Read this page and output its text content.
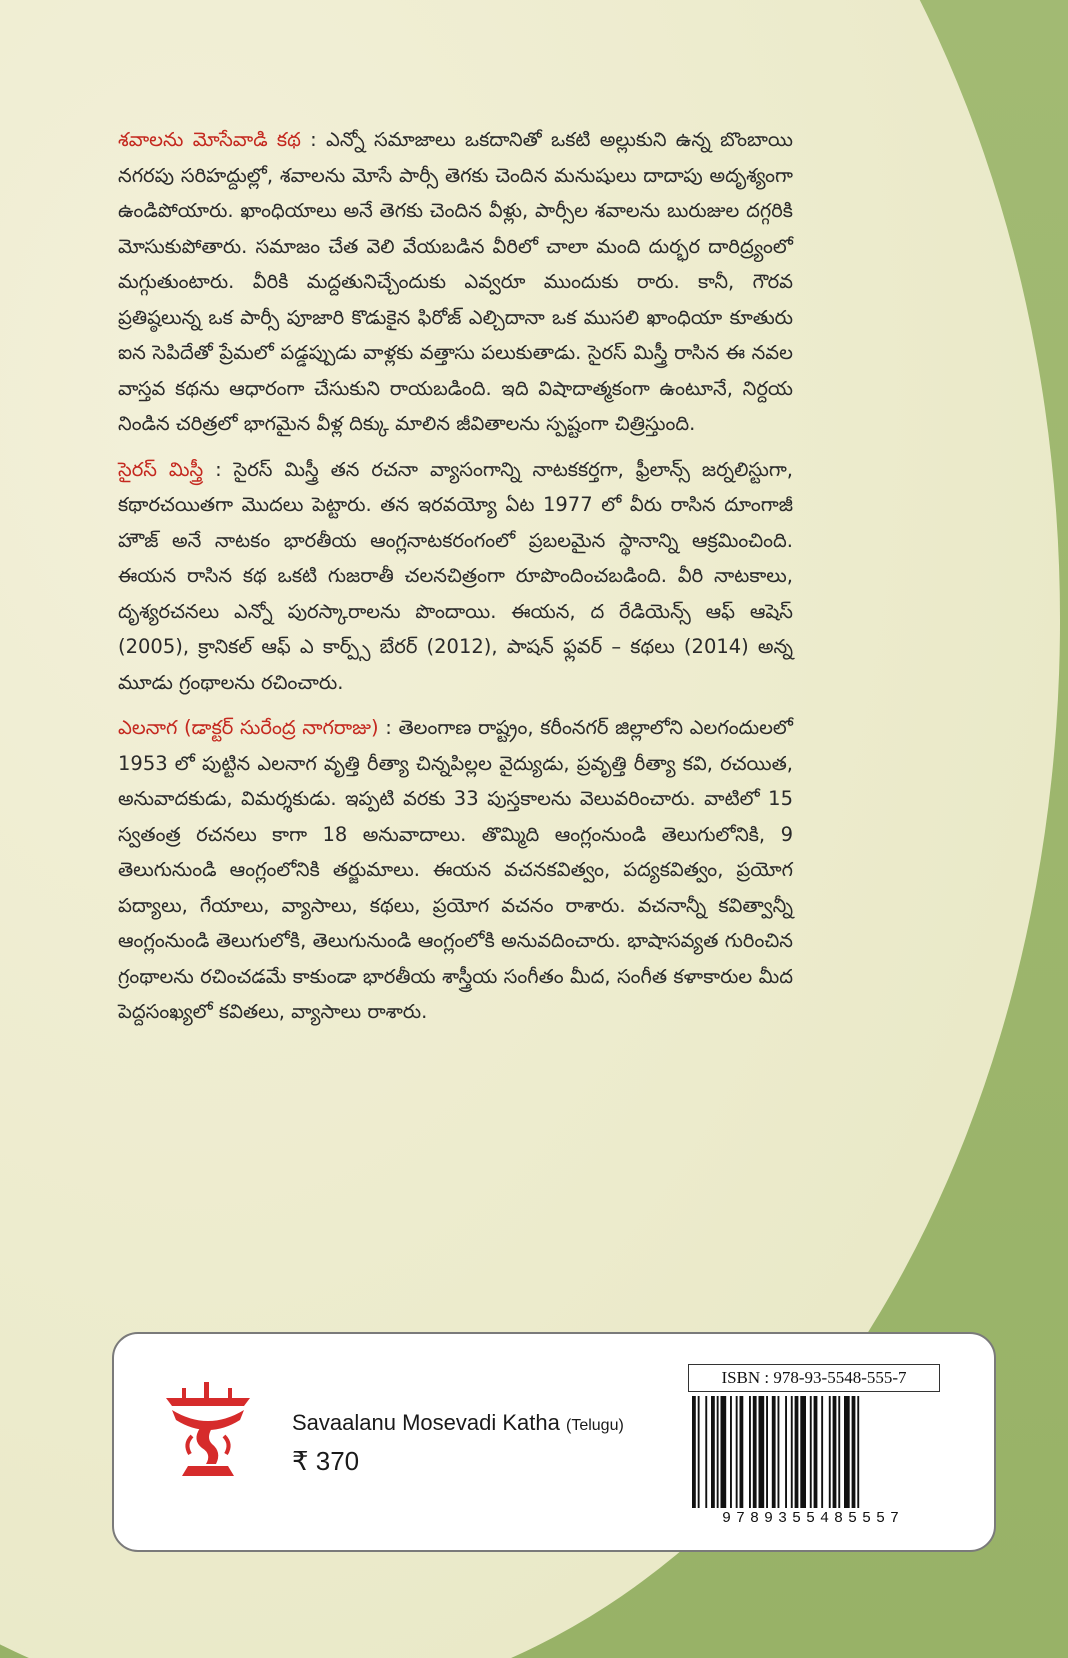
శవాలను మోసేవాడి కథ : ఎన్నో సమాజాలు ఒకదానితో ఒకటి అల్లుకుని ఉన్న బొంబాయి నగరపు సరిహద్దుల్లో, శవాలను మోసే పార్సీ తెగకు చెందిన మనుషులు దాదాపు అదృశ్యంగా ఉండిపోయారు. ఖాంధియాలు అనే తెగకు చెందిన వీళ్లు, పార్సీల శవాలను బురుజుల దగ్గరికి మోసుకుపోతారు. సమాజం చేత వెలి వేయబడిన వీరిలో చాలా మంది దుర్భర దారిద్ర్యంలో మగ్గుతుంటారు. వీరికి మద్దతునిచ్చేందుకు ఎవ్వరూ ముందుకు రారు. కానీ, గౌరవ ప్రతిష్ఠలున్న ఒక పార్సీ పూజారి కొడుకైన ఫిరోజ్ ఎల్చిదానా ఒక ముసలి ఖాంధియా కూతురు ఐన సెపిదేతో ప్రేమలో పడ్డప్పుడు వాళ్లకు వత్తాసు పలుకుతాడు. సైరస్ మిస్త్రీ రాసిన ఈ నవల వాస్తవ కథను ఆధారంగా చేసుకుని రాయబడింది. ఇది విషాదాత్మకంగా ఉంటూనే, నిర్దయ నిండిన చరిత్రలో భాగమైన వీళ్ల దిక్కు మాలిన జీవితాలను స్పష్టంగా చిత్రిస్తుంది.

సైరస్ మిస్త్రీ : సైరస్ మిస్త్రీ తన రచనా వ్యాసంగాన్ని నాటకకర్తగా, ఫ్రీలాన్స్ జర్నలిస్టుగా, కథారచయితగా మొదలు పెట్టారు. తన ఇరవయ్యో ఏట 1977 లో వీరు రాసిన దూంగాజీ హౌజ్ అనే నాటకం భారతీయ ఆంగ్లనాటకరంగంలో ప్రబలమైన స్థానాన్ని ఆక్రమించింది. ఈయన రాసిన కథ ఒకటి గుజరాతీ చలనచిత్రంగా రూపొందించబడింది. వీరి నాటకాలు, దృశ్యరచనలు ఎన్నో పురస్కారాలను పొందాయి. ఈయన, ద రేడియెన్స్ ఆఫ్ ఆషెస్ (2005), క్రానికల్ ఆఫ్ ఎ కార్ప్స్ బేరర్ (2012), పాషన్ ఫ్లవర్ – కథలు (2014) అన్న మూడు గ్రంథాలను రచించారు.

ఎలనాగ (డాక్టర్ సురేంద్ర నాగరాజు) : తెలంగాణ రాష్ట్రం, కరీంనగర్ జిల్లాలోని ఎలగందులలో 1953 లో పుట్టిన ఎలనాగ వృత్తి రీత్యా చిన్నపిల్లల వైద్యుడు, ప్రవృత్తి రీత్యా కవి, రచయిత, అనువాదకుడు, విమర్శకుడు. ఇప్పటి వరకు 33 పుస్తకాలను వెలువరించారు. వాటిలో 15 స్వతంత్ర రచనలు కాగా 18 అనువాదాలు. తొమ్మిది ఆంగ్లంనుండి తెలుగులోనికి, 9 తెలుగునుండి ఆంగ్లంలోనికి తర్జుమాలు. ఈయన వచనకవిత్వం, పద్యకవిత్వం, ప్రయోగ పద్యాలు, గేయాలు, వ్యాసాలు, కథలు, ప్రయోగ వచనం రాశారు. వచనాన్నీ కవిత్వాన్నీ ఆంగ్లంనుండి తెలుగులోకి, తెలుగునుండి ఆంగ్లంలోకి అనువదించారు. భాషాసవ్యత గురించిన గ్రంథాలను రచించడమే కాకుండా భారతీయ శాస్త్రీయ సంగీతం మీద, సంగీత కళాకారుల మీద పెద్దసంఖ్యలో కవితలు, వ్యాసాలు రాశారు.

Savaalanu Mosevadi Katha (Telugu)
₹ 370
ISBN : 978-93-5548-555-7
9789355485557
